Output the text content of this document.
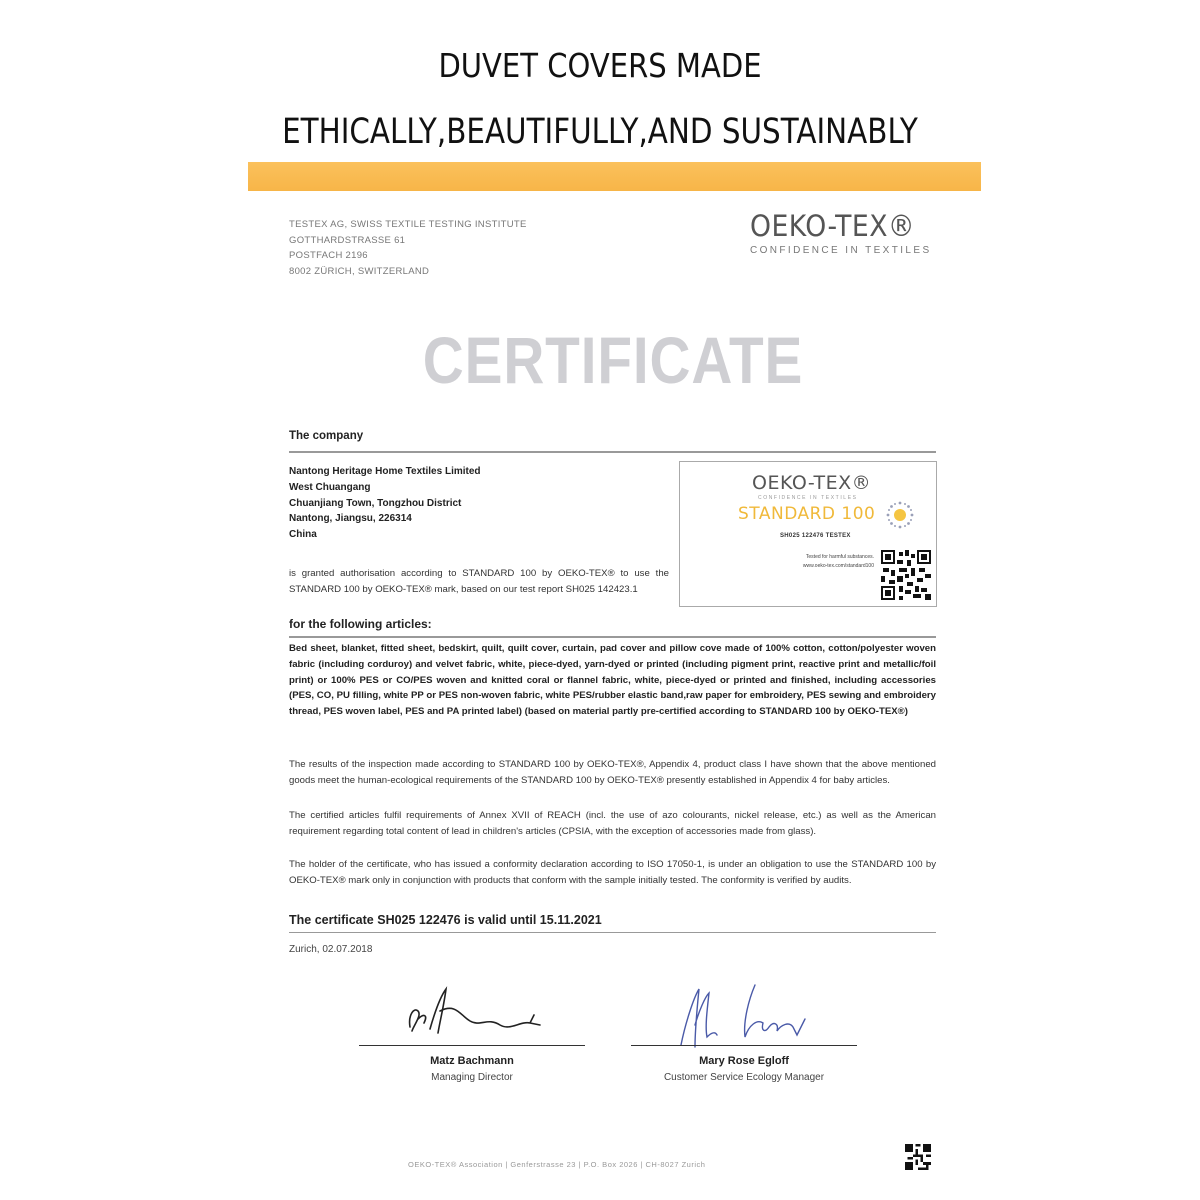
DUVET COVERS MADE
ETHICALLY,BEAUTIFULLY,AND SUSTAINABLY
TESTEX AG, SWISS TEXTILE TESTING INSTITUTE
GOTTHARDSTRASSE 61
POSTFACH 2196
8002 ZÜRICH, SWITZERLAND
OEKO-TEX®
CONFIDENCE IN TEXTILES
CERTIFICATE
The company
Nantong Heritage Home Textiles Limited
West Chuangang
Chuanjiang Town, Tongzhou District
Nantong, Jiangsu, 226314
China
OEKO-TEX®
CONFIDENCE IN TEXTILES
STANDARD 100
SH025 122476 TESTEX
Tested for harmful substances.
www.oeko-tex.com/standard100
is granted authorisation according to STANDARD 100 by OEKO-TEX® to use the STANDARD 100 by OEKO-TEX® mark, based on our test report SH025 142423.1
for the following articles:
Bed sheet, blanket, fitted sheet, bedskirt, quilt, quilt cover, curtain, pad cover and pillow cove made of 100% cotton, cotton/polyester woven fabric (including corduroy) and velvet fabric, white, piece-dyed, yarn-dyed or printed (including pigment print, reactive print and metallic/foil print) or 100% PES or CO/PES woven and knitted coral or flannel fabric, white, piece-dyed or printed and finished, including accessories (PES, CO, PU filling, white PP or PES non-woven fabric, white PES/rubber elastic band,raw paper for embroidery, PES sewing and embroidery thread, PES woven label, PES and PA printed label) (based on material partly pre-certified according to STANDARD 100 by OEKO-TEX®)
The results of the inspection made according to STANDARD 100 by OEKO-TEX®, Appendix 4, product class I have shown that the above mentioned goods meet the human-ecological requirements of the STANDARD 100 by OEKO-TEX® presently established in Appendix 4 for baby articles.
The certified articles fulfil requirements of Annex XVII of REACH (incl. the use of azo colourants, nickel release, etc.) as well as the American requirement regarding total content of lead in children's articles (CPSIA, with the exception of accessories made from glass).
The holder of the certificate, who has issued a conformity declaration according to ISO 17050-1, is under an obligation to use the STANDARD 100 by OEKO-TEX® mark only in conjunction with products that conform with the sample initially tested. The conformity is verified by audits.
The certificate SH025 122476 is valid until 15.11.2021
Zurich, 02.07.2018
Matz Bachmann
Managing Director
Mary Rose Egloff
Customer Service Ecology Manager
OEKO-TEX® Association | Genferstrasse 23 | P.O. Box 2026 | CH-8027 Zurich
